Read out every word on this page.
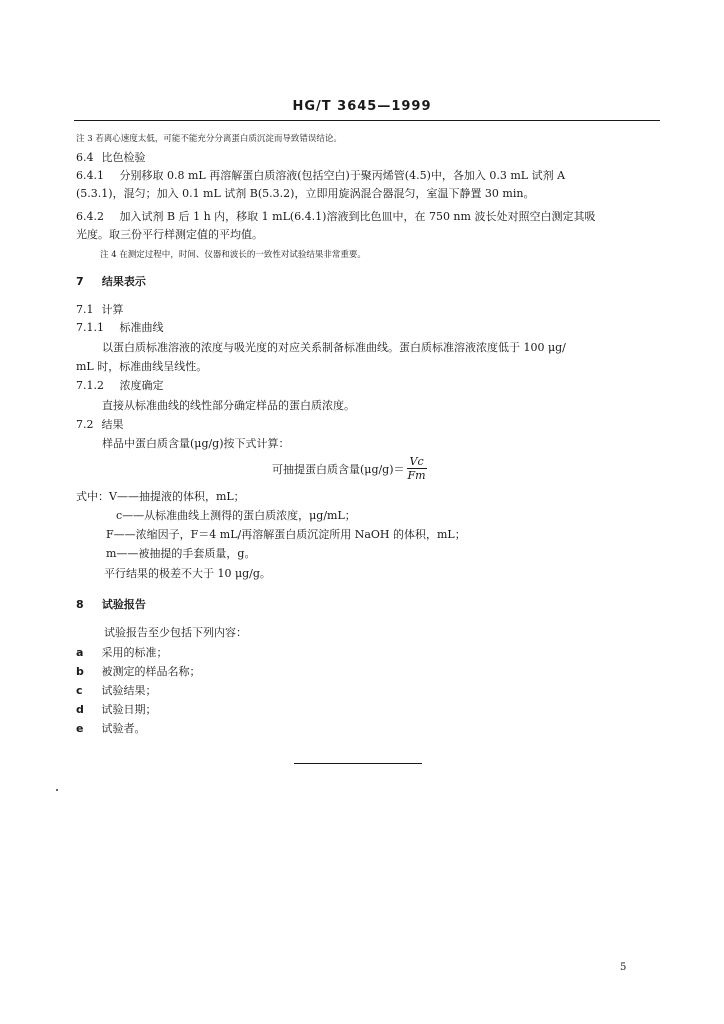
HG/T 3645—1999
注 3 若离心速度太低，可能不能充分分离蛋白质沉淀而导致错误结论。
6.4 比色检验
6.4.1 分别移取 0.8 mL 再溶解蛋白质溶液(包括空白)于聚丙烯管(4.5)中，各加入 0.3 mL 试剂 A
(5.3.1)，混匀；加入 0.1 mL 试剂 B(5.3.2)，立即用旋涡混合器混匀，室温下静置 30 min。
6.4.2 加入试剂 B 后 1 h 内，移取 1 mL(6.4.1)溶液到比色皿中，在 750 nm 波长处对照空白测定其吸
光度。取三份平行样测定值的平均值。
注 4 在测定过程中，时间、仪器和波长的一致性对试验结果非常重要。
7 结果表示
7.1 计算
7.1.1 标准曲线
以蛋白质标准溶液的浓度与吸光度的对应关系制备标准曲线。蛋白质标准溶液浓度低于 100 μg/
mL 时，标准曲线呈线性。
7.1.2 浓度确定
直接从标准曲线的线性部分确定样品的蛋白质浓度。
7.2 结果
样品中蛋白质含量(μg/g)按下式计算：
可抽提蛋白质含量$(\mu g/g)= \frac{Vc}{Fm}$
式中：V——抽提液的体积，mL；
c——从标准曲线上测得的蛋白质浓度，μg/mL；
F——浓缩因子，F＝4 mL/再溶解蛋白质沉淀所用 NaOH 的体积，mL；
m——被抽提的手套质量，g。
平行结果的极差不大于 10 μg/g。
8 试验报告
试验报告至少包括下列内容：
a 采用的标准；
b 被测定的样品名称；
c 试验结果；
d 试验日期；
e 试验者。
5
